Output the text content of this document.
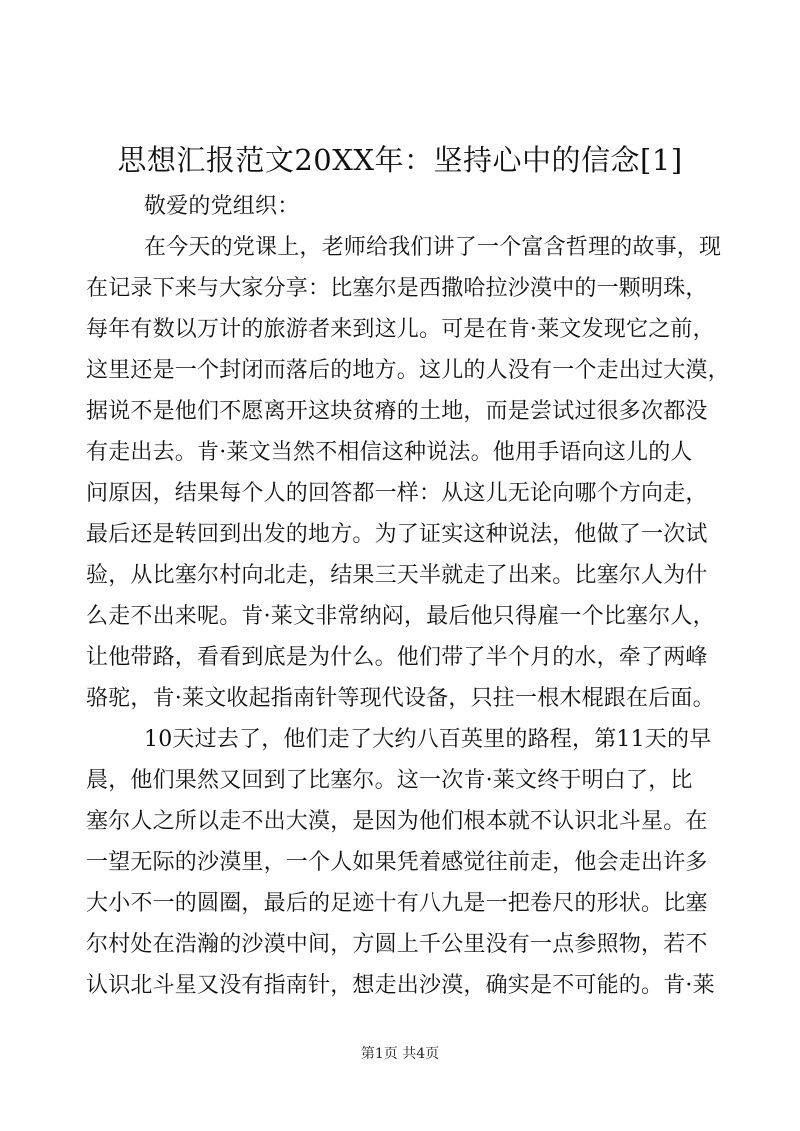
思想汇报范文20XX年：坚持心中的信念[1]
敬爱的党组织：
在今天的党课上，老师给我们讲了一个富含哲理的故事，现
在记录下来与大家分享：比塞尔是西撒哈拉沙漠中的一颗明珠，
每年有数以万计的旅游者来到这儿。可是在肯·莱文发现它之前，
这里还是一个封闭而落后的地方。这儿的人没有一个走出过大漠，
据说不是他们不愿离开这块贫瘠的土地，而是尝试过很多次都没
有走出去。肯·莱文当然不相信这种说法。他用手语向这儿的人
问原因，结果每个人的回答都一样：从这儿无论向哪个方向走，
最后还是转回到出发的地方。为了证实这种说法，他做了一次试
验，从比塞尔村向北走，结果三天半就走了出来。比塞尔人为什
么走不出来呢。肯·莱文非常纳闷，最后他只得雇一个比塞尔人，
让他带路，看看到底是为什么。他们带了半个月的水，牵了两峰
骆驼，肯·莱文收起指南针等现代设备，只拄一根木棍跟在后面。
10天过去了，他们走了大约八百英里的路程，第11天的早
晨，他们果然又回到了比塞尔。这一次肯·莱文终于明白了，比
塞尔人之所以走不出大漠，是因为他们根本就不认识北斗星。在
一望无际的沙漠里，一个人如果凭着感觉往前走，他会走出许多
大小不一的圆圈，最后的足迹十有八九是一把卷尺的形状。比塞
尔村处在浩瀚的沙漠中间，方圆上千公里没有一点参照物，若不
认识北斗星又没有指南针，想走出沙漠，确实是不可能的。肯·莱
第1页 共4页
